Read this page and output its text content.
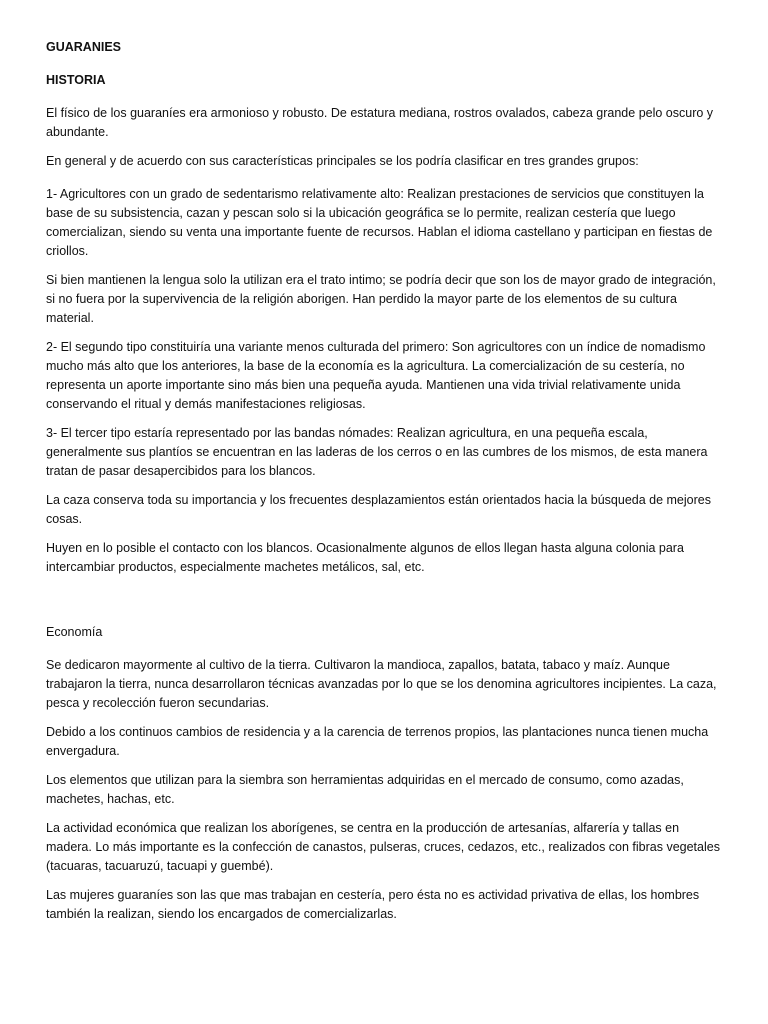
GUARANIES
HISTORIA

El físico de los guaraníes era armonioso y robusto. De estatura mediana, rostros ovalados, cabeza grande pelo oscuro y abundante.

En general y de acuerdo con sus características principales se los podría clasificar en tres grandes grupos:

1- Agricultores con un grado de sedentarismo relativamente alto: Realizan prestaciones de servicios que constituyen la base de su subsistencia, cazan y pescan solo si la ubicación geográfica se lo permite, realizan cestería que luego comercializan, siendo su venta una importante fuente de recursos. Hablan el idioma castellano y participan en fiestas de criollos.

Si bien mantienen la lengua solo la utilizan era el trato intimo; se podría decir que son los de mayor grado de integración, si no fuera por la supervivencia de la religión aborigen. Han perdido la mayor parte de los elementos de su cultura material.

2- El segundo tipo constituiría una variante menos culturada del primero: Son agricultores con un índice de nomadismo mucho más alto que los anteriores, la base de la economía es la agricultura. La comercialización de su cestería, no representa un aporte importante sino más bien una pequeña ayuda. Mantienen una vida trivial relativamente unida conservando el ritual y demás manifestaciones religiosas.

3- El tercer tipo estaría representado por las bandas nómades: Realizan agricultura, en una pequeña escala, generalmente sus plantíos se encuentran en las laderas de los cerros o en las cumbres de los mismos, de esta manera tratan de pasar desapercibidos para los blancos.

La caza conserva toda su importancia y los frecuentes desplazamientos están orientados hacia la búsqueda de mejores cosas.

Huyen en lo posible el contacto con los blancos. Ocasionalmente algunos de ellos llegan hasta alguna colonia para intercambiar productos, especialmente machetes metálicos, sal, etc.

Economía

Se dedicaron mayormente al cultivo de la tierra. Cultivaron la mandioca, zapallos, batata, tabaco y maíz. Aunque trabajaron la tierra, nunca desarrollaron técnicas avanzadas por lo que se los denomina agricultores incipientes. La caza, pesca y recolección fueron secundarias.

Debido a los continuos cambios de residencia y a la carencia de terrenos propios, las plantaciones nunca tienen mucha envergadura.

Los elementos que utilizan para la siembra son herramientas adquiridas en el mercado de consumo, como azadas, machetes, hachas, etc.

La actividad económica que realizan los aborígenes, se centra en la producción de artesanías, alfarería y tallas en madera. Lo más importante es la confección de canastos, pulseras, cruces, cedazos, etc., realizados con fibras vegetales (tacuaras, tacuaruzú, tacuapi y guembé).

Las mujeres guaraníes son las que mas trabajan en cestería, pero ésta no es actividad privativa de ellas, los hombres también la realizan, siendo los encargados de comercializarlas.
